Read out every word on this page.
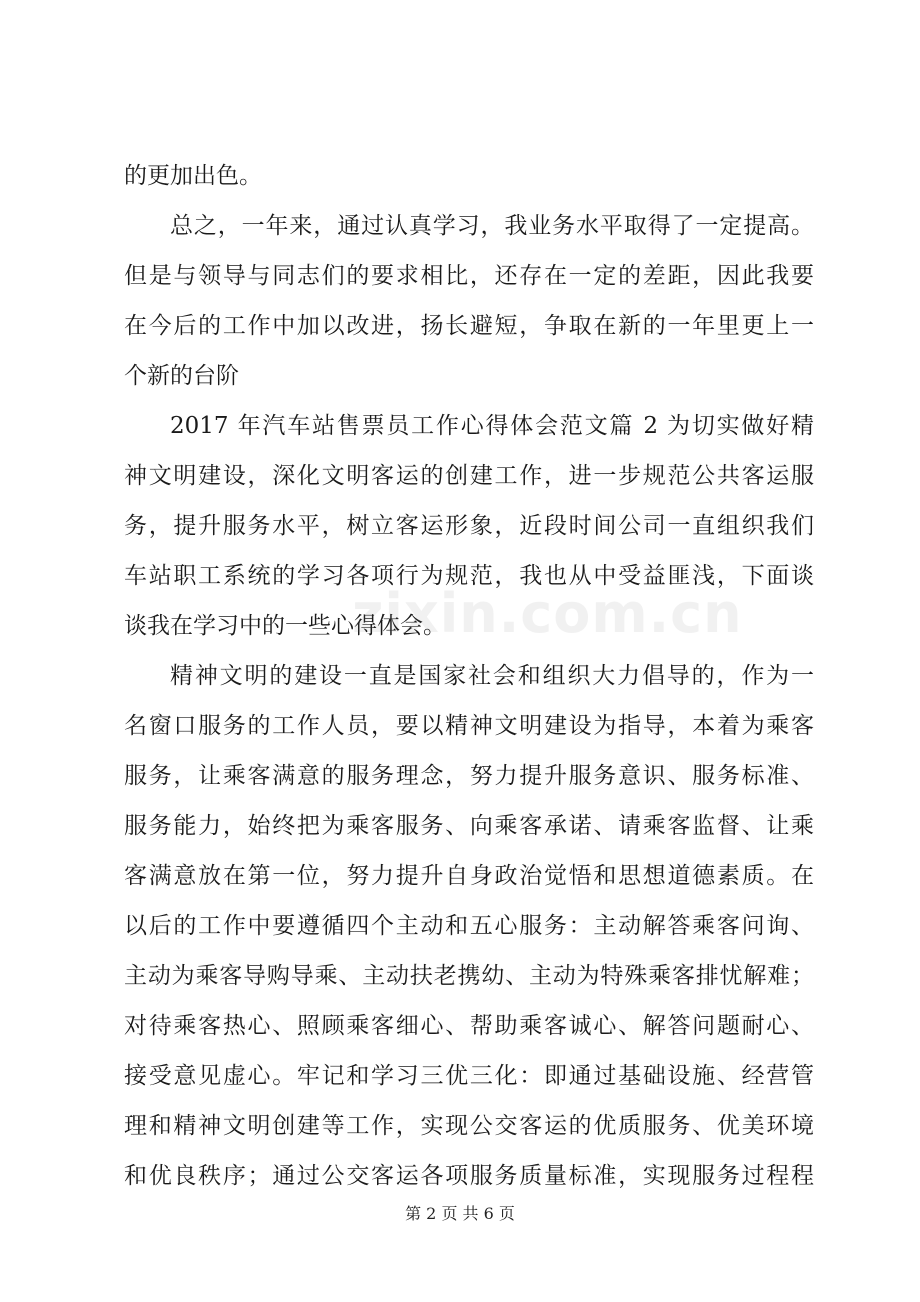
的更加出色。
总之，一年来，通过认真学习，我业务水平取得了一定提高。
但是与领导与同志们的要求相比，还存在一定的差距，因此我要
在今后的工作中加以改进，扬长避短，争取在新的一年里更上一
个新的台阶
2017 年汽车站售票员工作心得体会范文篇 2 为切实做好精
神文明建设，深化文明客运的创建工作，进一步规范公共客运服
务，提升服务水平，树立客运形象，近段时间公司一直组织我们
车站职工系统的学习各项行为规范，我也从中受益匪浅，下面谈
谈我在学习中的一些心得体会。
精神文明的建设一直是国家社会和组织大力倡导的，作为一
名窗口服务的工作人员，要以精神文明建设为指导，本着为乘客
服务，让乘客满意的服务理念，努力提升服务意识、服务标准、
服务能力，始终把为乘客服务、向乘客承诺、请乘客监督、让乘
客满意放在第一位，努力提升自身政治觉悟和思想道德素质。在
以后的工作中要遵循四个主动和五心服务：主动解答乘客问询、
主动为乘客导购导乘、主动扶老携幼、主动为特殊乘客排忧解难；
对待乘客热心、照顾乘客细心、帮助乘客诚心、解答问题耐心、
接受意见虚心。牢记和学习三优三化：即通过基础设施、经营管
理和精神文明创建等工作，实现公交客运的优质服务、优美环境
和优良秩序；通过公交客运各项服务质量标准，实现服务过程程
zixin.com.cn
第 2 页 共 6 页
